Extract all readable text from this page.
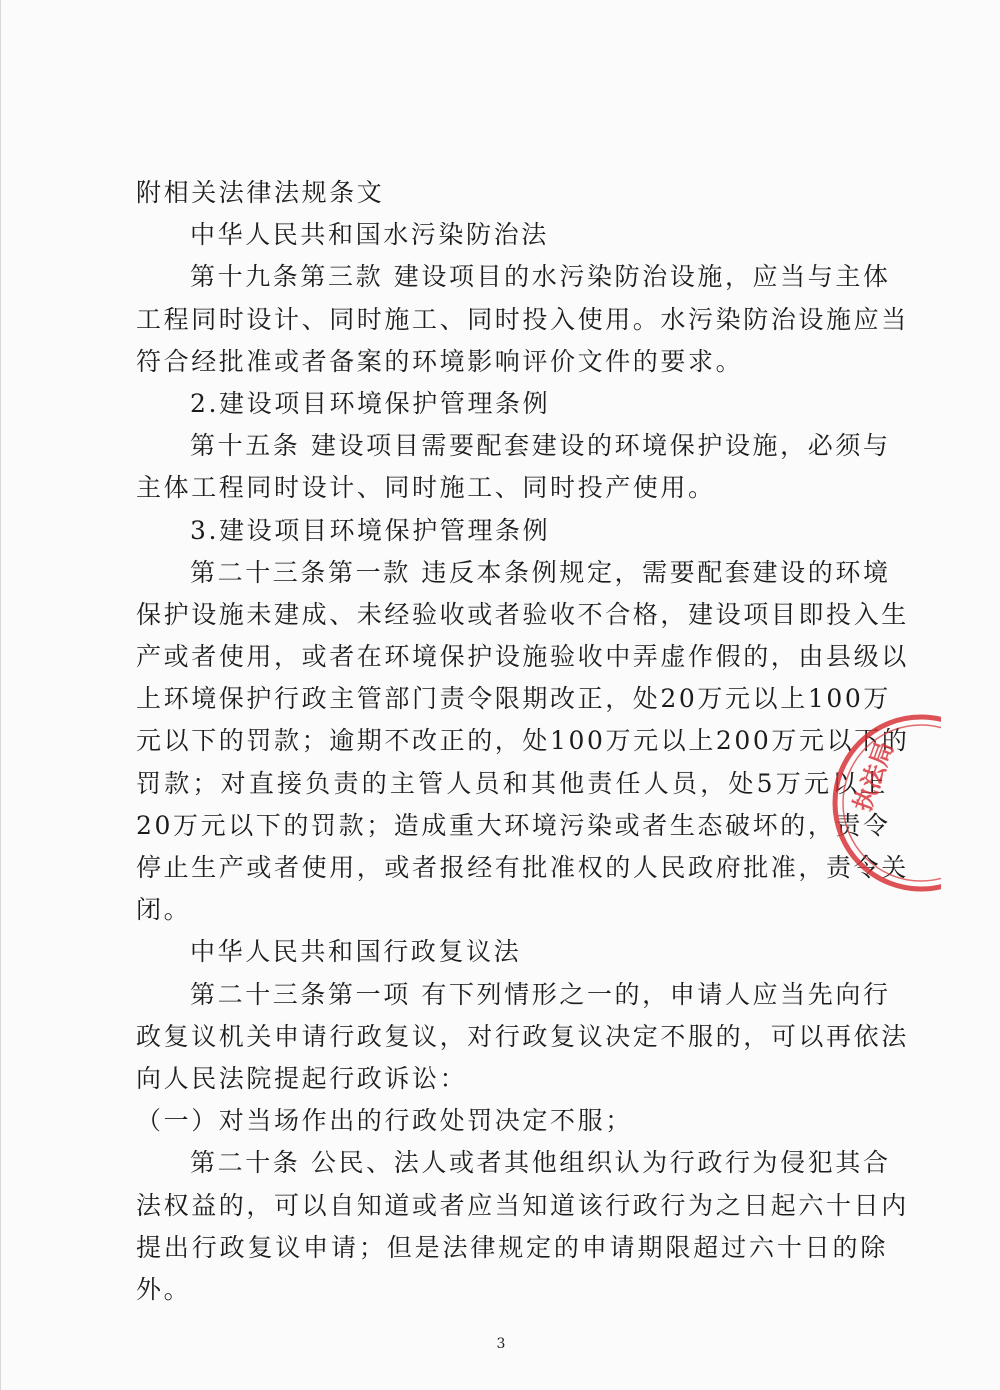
附相关法律法规条文
中华人民共和国水污染防治法
第十九条第三款 建设项目的水污染防治设施，应当与主体
工程同时设计、同时施工、同时投入使用。水污染防治设施应当
符合经批准或者备案的环境影响评价文件的要求。
2.建设项目环境保护管理条例
第十五条 建设项目需要配套建设的环境保护设施，必须与
主体工程同时设计、同时施工、同时投产使用。
3.建设项目环境保护管理条例
第二十三条第一款 违反本条例规定，需要配套建设的环境
保护设施未建成、未经验收或者验收不合格，建设项目即投入生
产或者使用，或者在环境保护设施验收中弄虚作假的，由县级以
上环境保护行政主管部门责令限期改正，处20万元以上100万
元以下的罚款；逾期不改正的，处100万元以上200万元以下的
罚款；对直接负责的主管人员和其他责任人员，处5万元以上
20万元以下的罚款；造成重大环境污染或者生态破坏的，责令
停止生产或者使用，或者报经有批准权的人民政府批准，责令关
闭。
中华人民共和国行政复议法
第二十三条第一项 有下列情形之一的，申请人应当先向行
政复议机关申请行政复议，对行政复议决定不服的，可以再依法
向人民法院提起行政诉讼：
（一）对当场作出的行政处罚决定不服；
第二十条 公民、法人或者其他组织认为行政行为侵犯其合
法权益的，可以自知道或者应当知道该行政行为之日起六十日内
提出行政复议申请；但是法律规定的申请期限超过六十日的除
外。
执法局
3
